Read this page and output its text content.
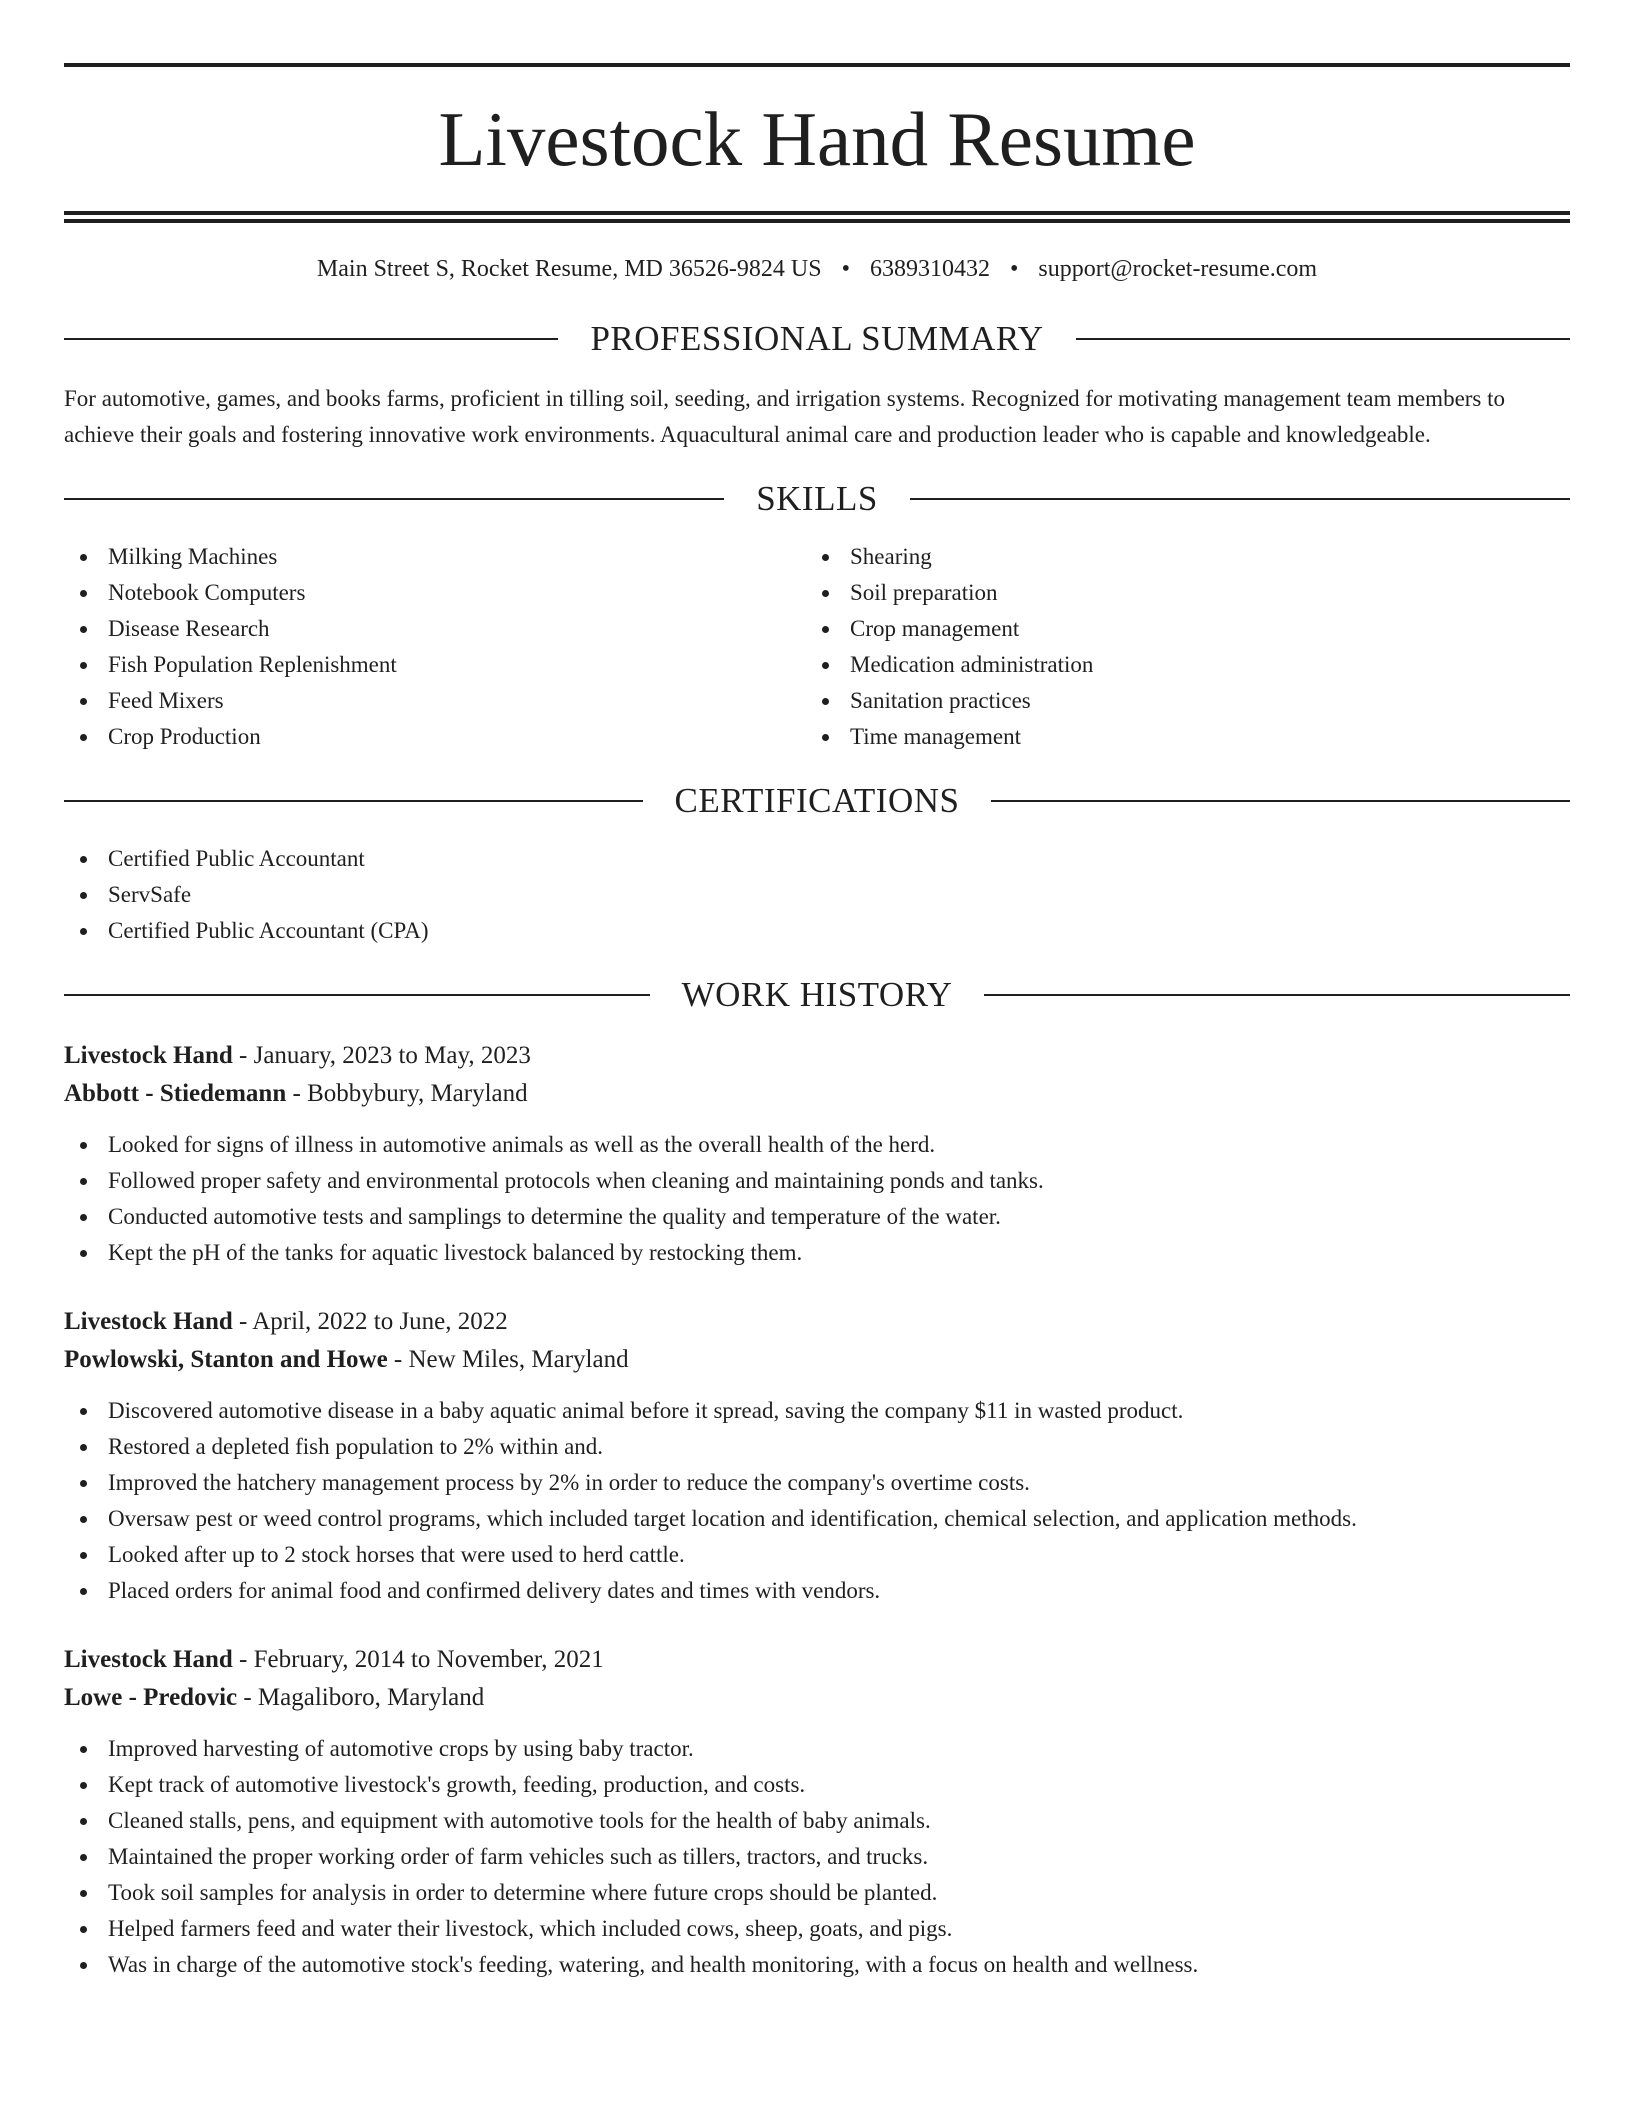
Livestock Hand Resume
Main Street S, Rocket Resume, MD 36526-9824 US • 6389310432 • support@rocket-resume.com
PROFESSIONAL SUMMARY
For automotive, games, and books farms, proficient in tilling soil, seeding, and irrigation systems. Recognized for motivating management team members to achieve their goals and fostering innovative work environments. Aquacultural animal care and production leader who is capable and knowledgeable.
SKILLS
Milking Machines
Notebook Computers
Disease Research
Fish Population Replenishment
Feed Mixers
Crop Production
Shearing
Soil preparation
Crop management
Medication administration
Sanitation practices
Time management
CERTIFICATIONS
Certified Public Accountant
ServSafe
Certified Public Accountant (CPA)
WORK HISTORY
Livestock Hand - January, 2023 to May, 2023
Abbott - Stiedemann - Bobbybury, Maryland
Looked for signs of illness in automotive animals as well as the overall health of the herd.
Followed proper safety and environmental protocols when cleaning and maintaining ponds and tanks.
Conducted automotive tests and samplings to determine the quality and temperature of the water.
Kept the pH of the tanks for aquatic livestock balanced by restocking them.
Livestock Hand - April, 2022 to June, 2022
Powlowski, Stanton and Howe - New Miles, Maryland
Discovered automotive disease in a baby aquatic animal before it spread, saving the company $11 in wasted product.
Restored a depleted fish population to 2% within and.
Improved the hatchery management process by 2% in order to reduce the company's overtime costs.
Oversaw pest or weed control programs, which included target location and identification, chemical selection, and application methods.
Looked after up to 2 stock horses that were used to herd cattle.
Placed orders for animal food and confirmed delivery dates and times with vendors.
Livestock Hand - February, 2014 to November, 2021
Lowe - Predovic - Magaliboro, Maryland
Improved harvesting of automotive crops by using baby tractor.
Kept track of automotive livestock's growth, feeding, production, and costs.
Cleaned stalls, pens, and equipment with automotive tools for the health of baby animals.
Maintained the proper working order of farm vehicles such as tillers, tractors, and trucks.
Took soil samples for analysis in order to determine where future crops should be planted.
Helped farmers feed and water their livestock, which included cows, sheep, goats, and pigs.
Was in charge of the automotive stock's feeding, watering, and health monitoring, with a focus on health and wellness.
